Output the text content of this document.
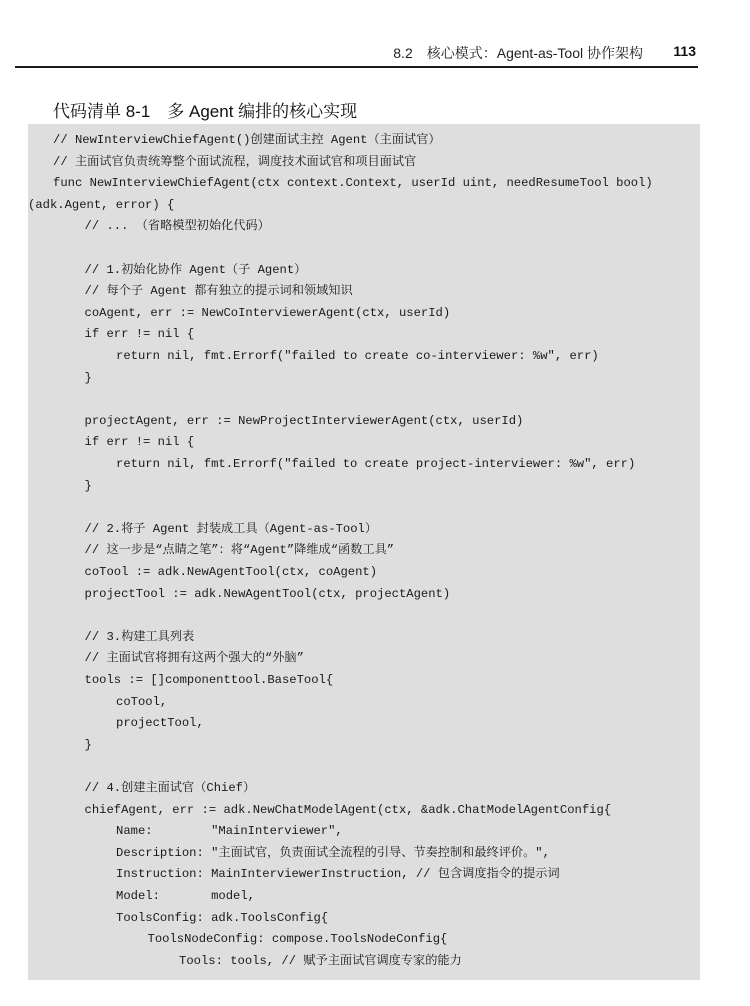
8.2　核心模式：Agent-as-Tool 协作架构 113
代码清单 8-1　多 Agent 编排的核心实现
// NewInterviewChiefAgent()创建面试主控 Agent（主面试官）
// 主面试官负责统筹整个面试流程，调度技术面试官和项目面试官
func NewInterviewChiefAgent(ctx context.Context, userId uint, needResumeTool bool)
(adk.Agent, error) {
// ... （省略模型初始化代码）
// 1.初始化协作 Agent（子 Agent）
// 每个子 Agent 都有独立的提示词和领域知识
coAgent, err := NewCoInterviewerAgent(ctx, userId)
if err != nil {
return nil, fmt.Errorf("failed to create co-interviewer: %w", err)
}
projectAgent, err := NewProjectInterviewerAgent(ctx, userId)
if err != nil {
return nil, fmt.Errorf("failed to create project-interviewer: %w", err)
}
// 2.将子 Agent 封装成工具（Agent-as-Tool）
// 这一步是“点睛之笔”：将“Agent”降维成“函数工具”
coTool := adk.NewAgentTool(ctx, coAgent)
projectTool := adk.NewAgentTool(ctx, projectAgent)
// 3.构建工具列表
// 主面试官将拥有这两个强大的“外脑”
tools := []componenttool.BaseTool{
coTool,
projectTool,
}
// 4.创建主面试官（Chief）
chiefAgent, err := adk.NewChatModelAgent(ctx, &adk.ChatModelAgentConfig{
Name:        "MainInterviewer",
Description: "主面试官，负责面试全流程的引导、节奏控制和最终评价。",
Instruction: MainInterviewerInstruction, // 包含调度指令的提示词
Model:       model,
ToolsConfig: adk.ToolsConfig{
ToolsNodeConfig: compose.ToolsNodeConfig{
Tools: tools, // 赋予主面试官调度专家的能力
